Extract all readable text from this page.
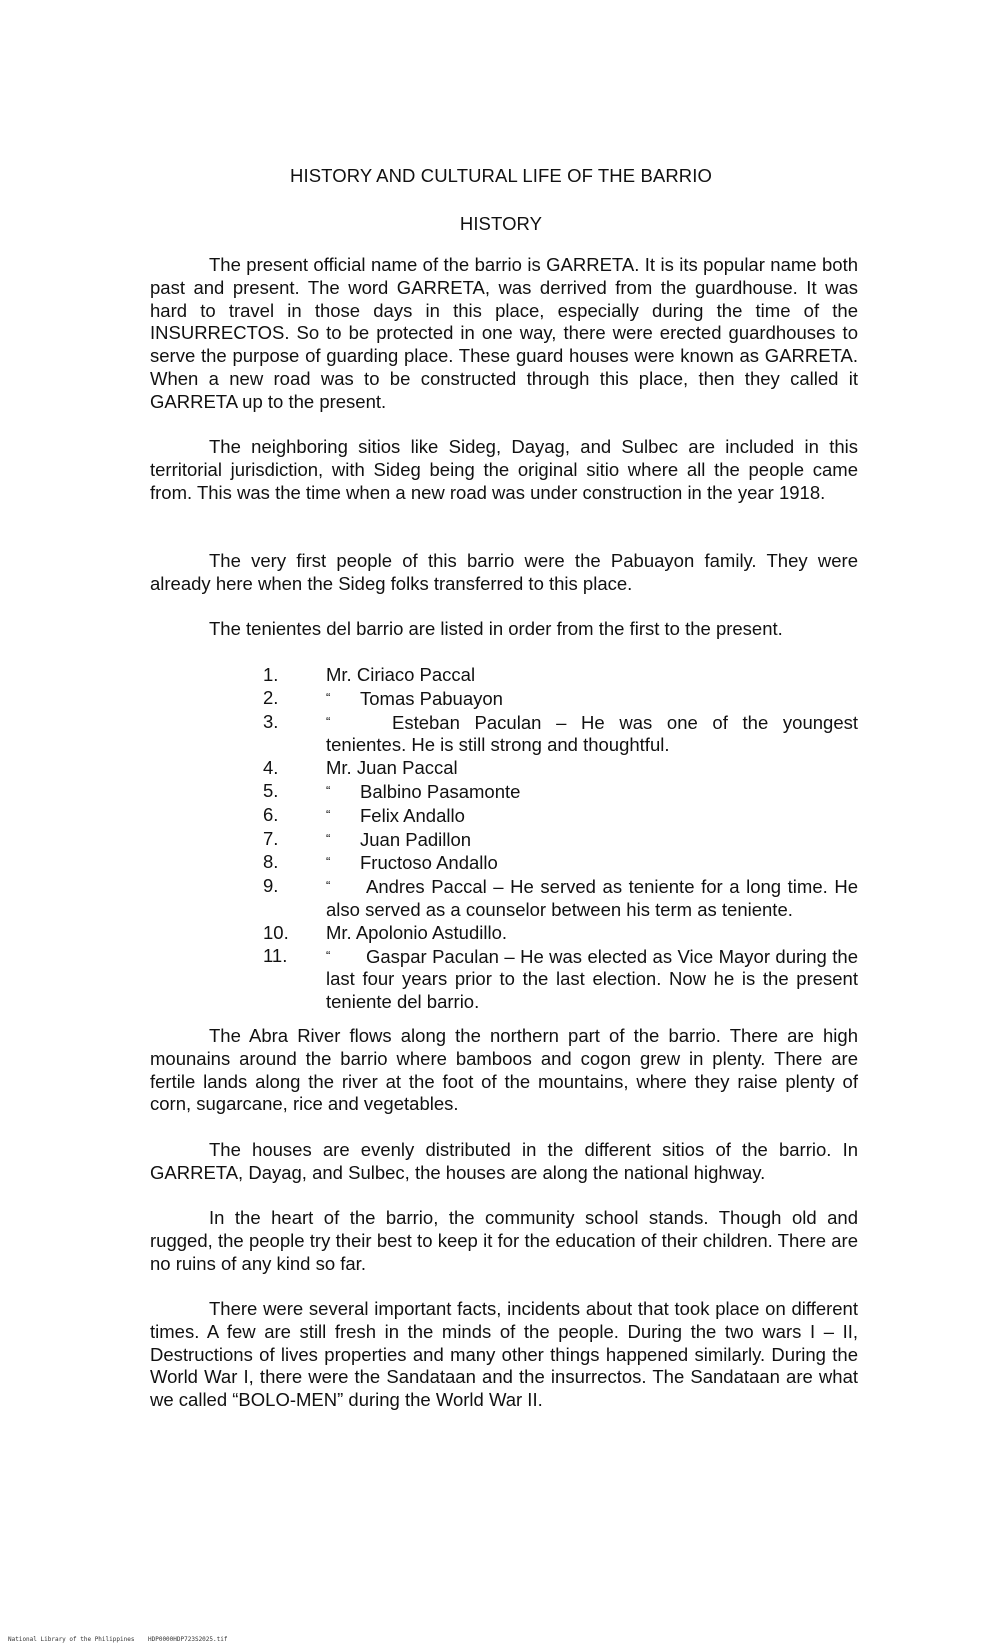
HISTORY AND CULTURAL LIFE OF THE BARRIO
HISTORY

The present official name of the barrio is GARRETA. It is its popular name both past and present. The word GARRETA, was derrived from the guardhouse. It was hard to travel in those days in this place, especially during the time of the INSURRECTOS. So to be protected in one way, there were erected guardhouses to serve the purpose of guarding place. These guard houses were known as GARRETA. When a new road was to be constructed through this place, then they called it GARRETA up to the present.

The neighboring sitios like Sideg, Dayag, and Sulbec are included in this territorial jurisdiction, with Sideg being the original sitio where all the people came from. This was the time when a new road was under construction in the year 1918.

The very first people of this barrio were the Pabuayon family. They were already here when the Sideg folks transferred to this place.

The tenientes del barrio are listed in order from the first to the present.

1.	Mr. Ciriaco Paccal
2.	“ Tomas Pabuayon
3.	“	Esteban Paculan – He was one of the youngest tenientes. He is still strong and thoughtful.
4.	Mr. Juan Paccal
5.	“ Balbino Pasamonte
6.	“ Felix Andallo
7.	“ Juan Padillon
8.	“ Fructoso Andallo
9.	“ Andres Paccal – He served as teniente for a long time. He also served as a counselor between his term as teniente.
10.	Mr. Apolonio Astudillo.
11.	“ Gaspar Paculan – He was elected as Vice Mayor during the last four years prior to the last election. Now he is the present teniente del barrio.

The Abra River flows along the northern part of the barrio. There are high mounains around the barrio where bamboos and cogon grew in plenty. There are fertile lands along the river at the foot of the mountains, where they raise plenty of corn, sugarcane, rice and vegetables.

The houses are evenly distributed in the different sitios of the barrio. In GARRETA, Dayag, and Sulbec, the houses are along the national highway.

In the heart of the barrio, the community school stands. Though old and rugged, the people try their best to keep it for the education of their children. There are no ruins of any kind so far.

There were several important facts, incidents about that took place on different times. A few are still fresh in the minds of the people. During the two wars I – II, Destructions of lives properties and many other things happened similarly. During the World War I, there were the Sandataan and the insurrectos. The Sandataan are what we called “BOLO-MEN” during the World War II.

National Library of the Philippines HDP0000HDP723S2025.tif
